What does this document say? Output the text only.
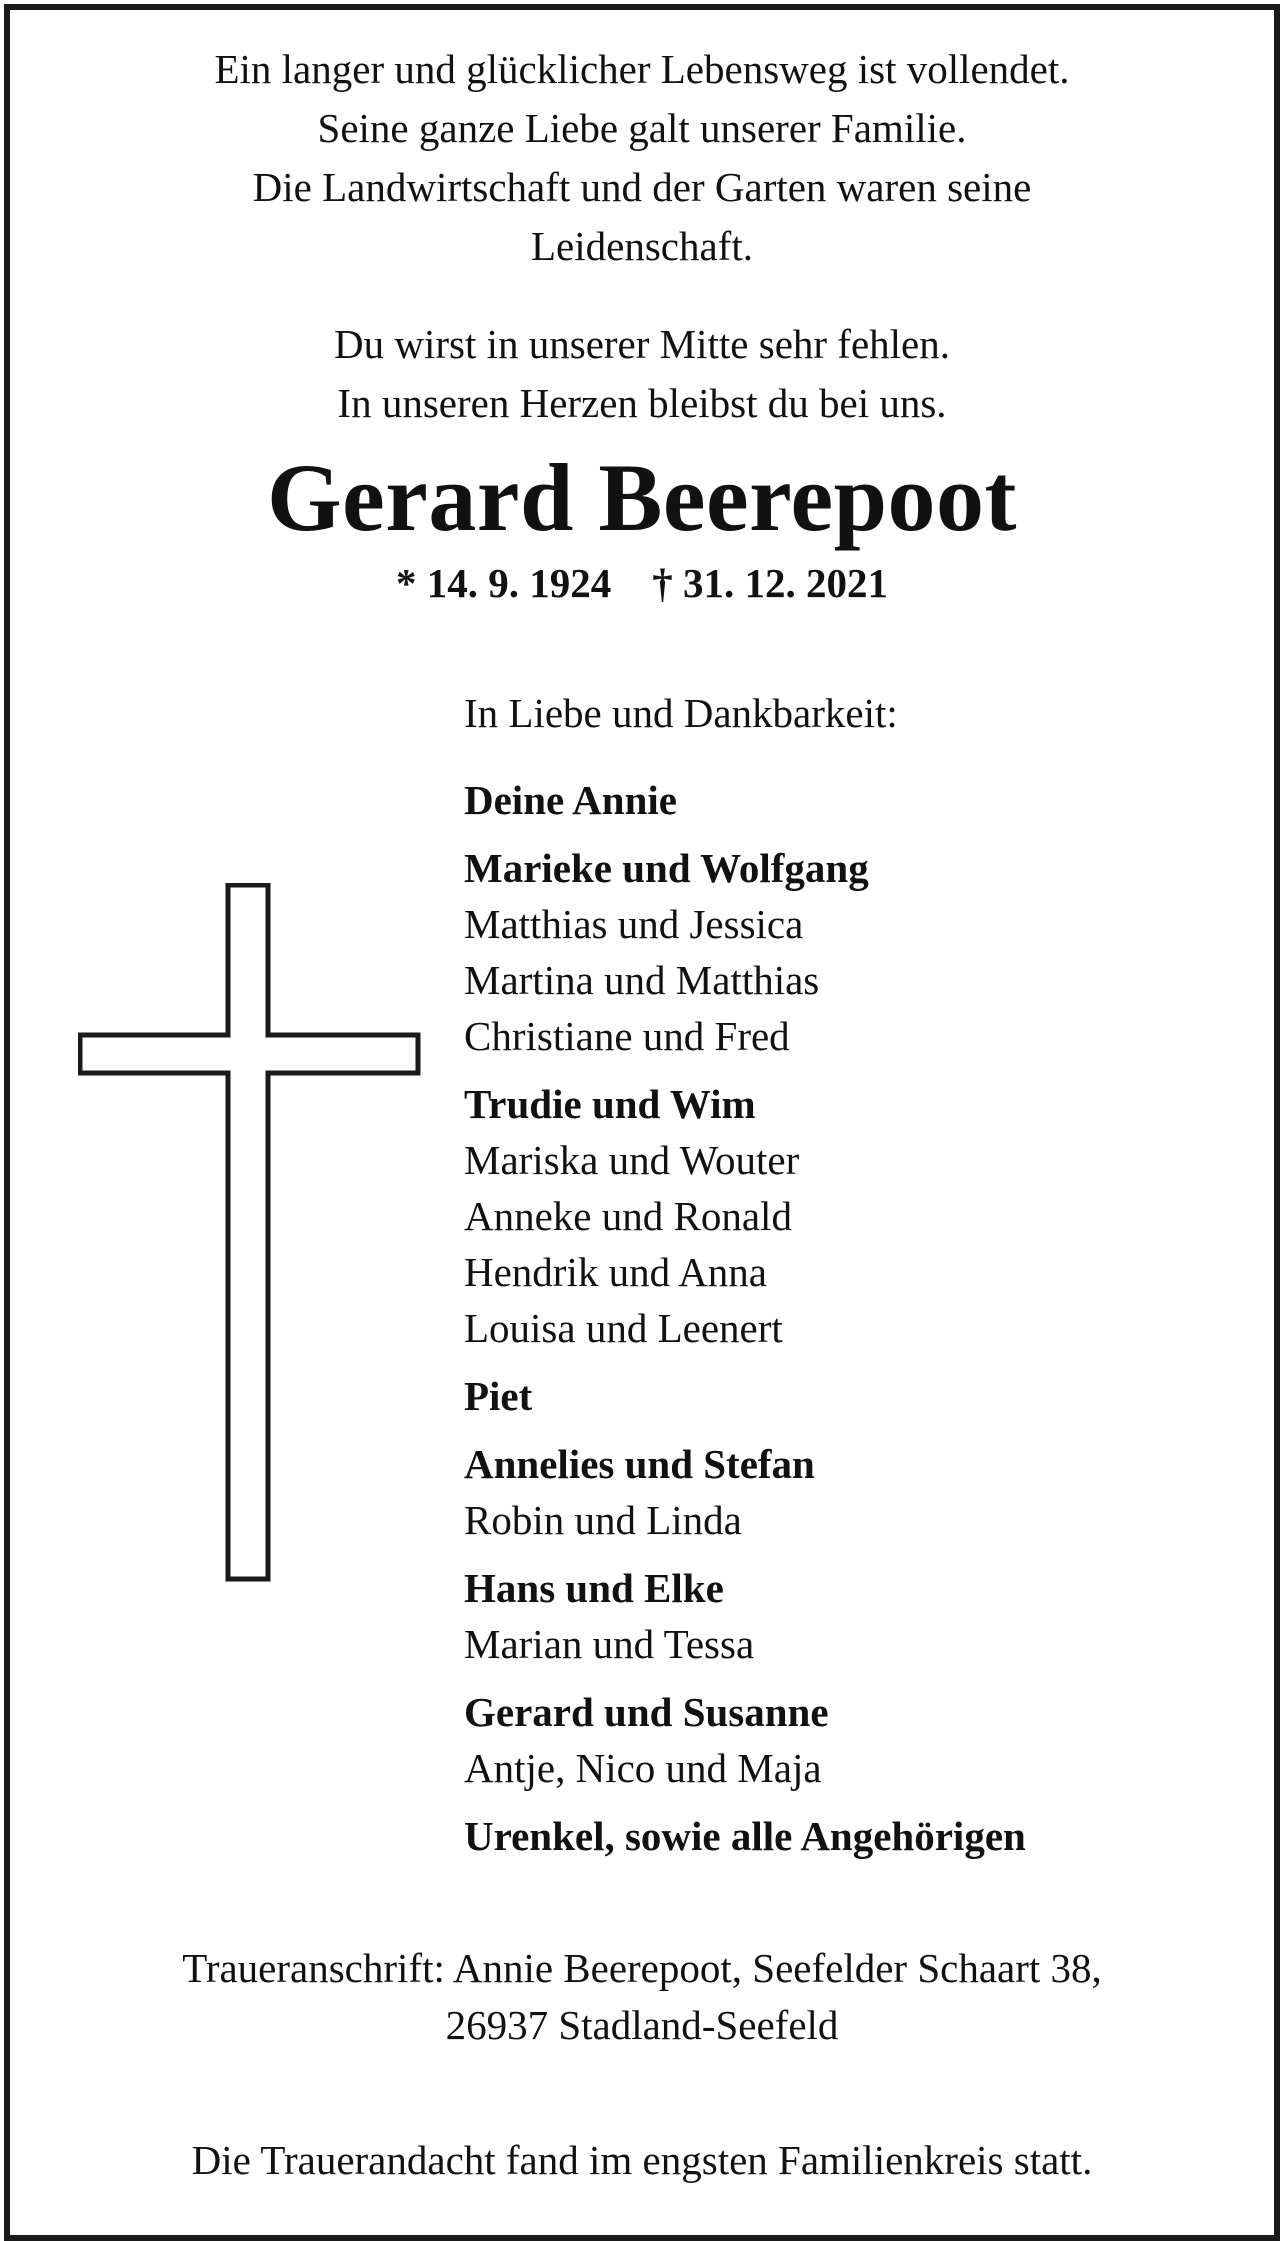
Ein langer und glücklicher Lebensweg ist vollendet.

Seine ganze Liebe galt unserer Familie.

Die Landwirtschaft und der Garten waren seine

Leidenschaft.

Du wirst in unserer Mitte sehr fehlen.

In unseren Herzen bleibst du bei uns.

Gerard Beerepoot
* 14. 9. 1924    † 31. 12. 2021
In Liebe und Dankbarkeit:
Deine Annie
Marieke und Wolfgang
Matthias und Jessica
Martina und Matthias
Christiane und Fred
Trudie und Wim
Mariska und Wouter
Anneke und Ronald
Hendrik und Anna
Louisa und Leenert
Piet
Annelies und Stefan
Robin und Linda
Hans und Elke
Marian und Tessa
Gerard und Susanne
Antje, Nico und Maja
Urenkel, sowie alle Angehörigen

Traueranschrift: Annie Beerepoot, Seefelder Schaart 38,

26937 Stadland-Seefeld

Die Trauerandacht fand im engsten Familienkreis statt.
